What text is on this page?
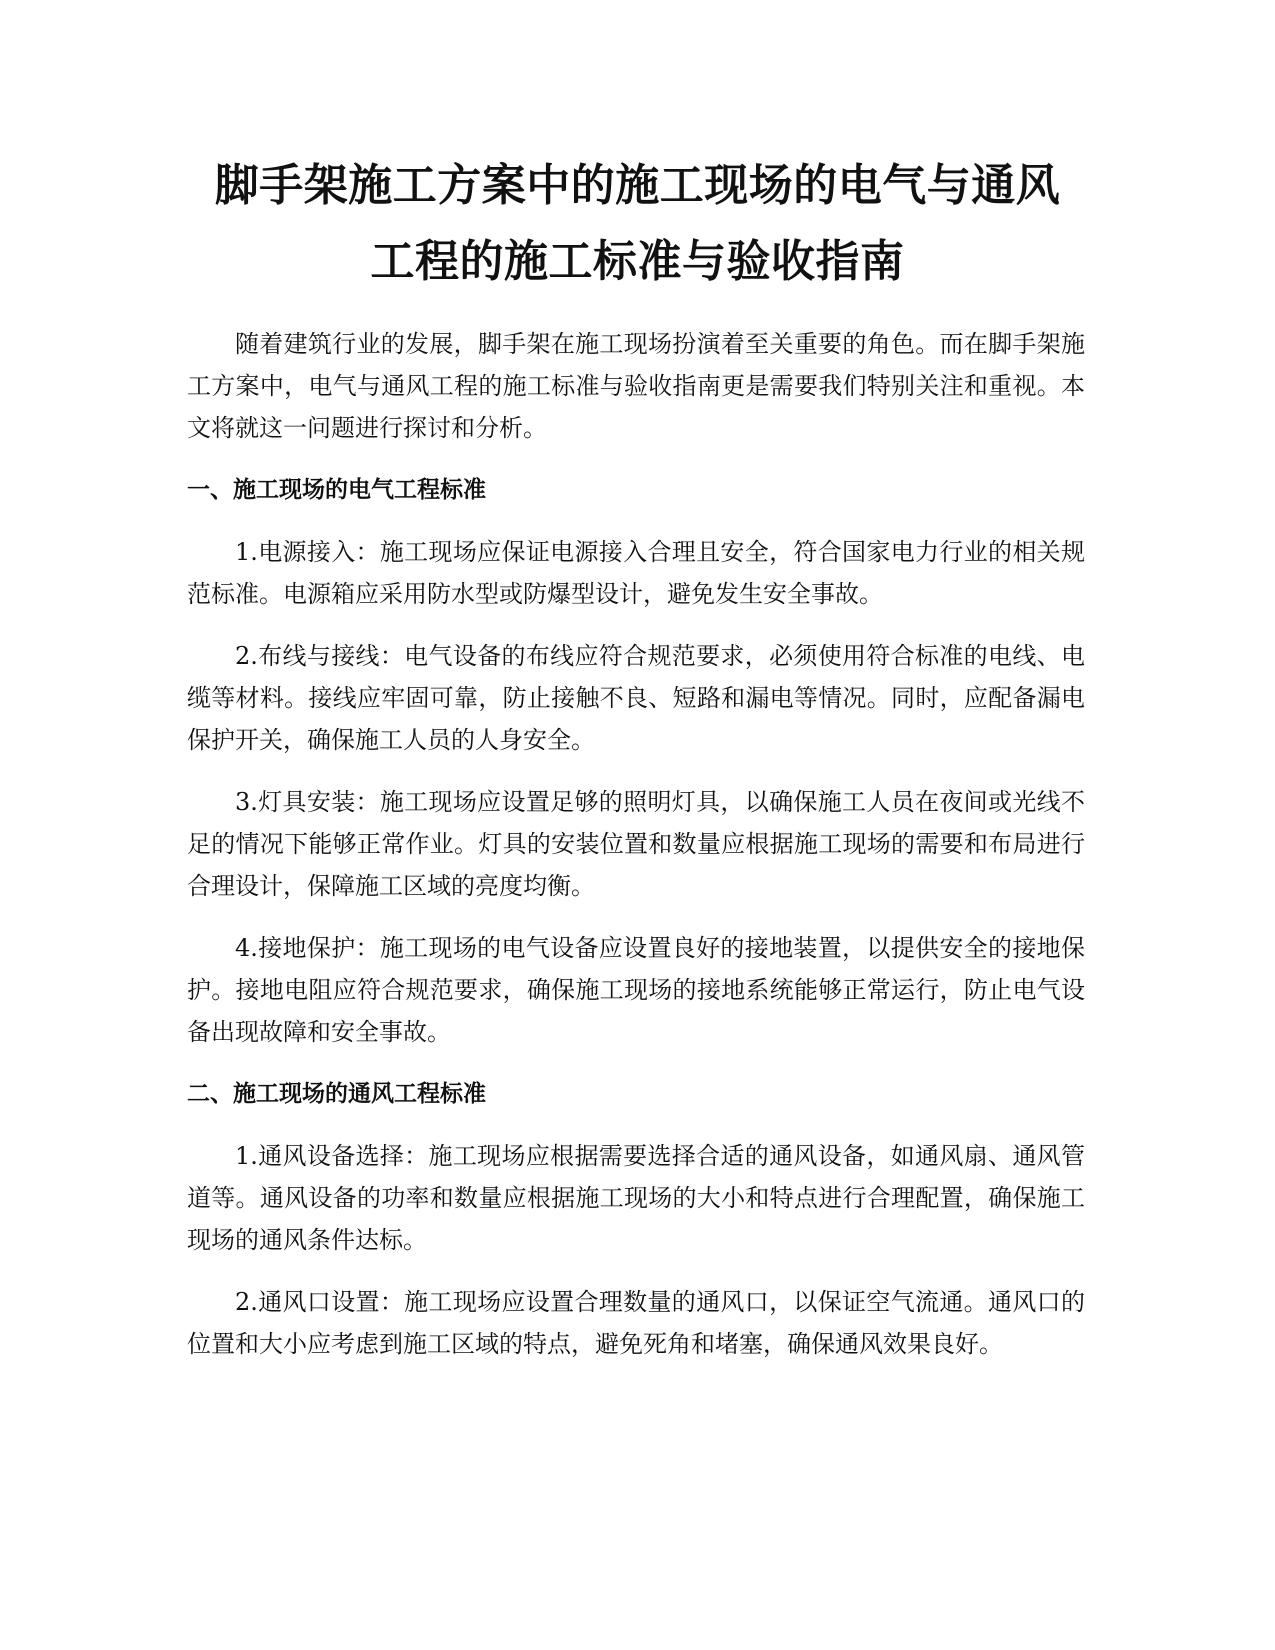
脚手架施工方案中的施工现场的电气与通风
工程的施工标准与验收指南

随着建筑行业的发展，脚手架在施工现场扮演着至关重要的角色。而在脚手架施工方案中，电气与通风工程的施工标准与验收指南更是需要我们特别关注和重视。本文将就这一问题进行探讨和分析。

一、施工现场的电气工程标准

1.电源接入：施工现场应保证电源接入合理且安全，符合国家电力行业的相关规范标准。电源箱应采用防水型或防爆型设计，避免发生安全事故。

2.布线与接线：电气设备的布线应符合规范要求，必须使用符合标准的电线、电缆等材料。接线应牢固可靠，防止接触不良、短路和漏电等情况。同时，应配备漏电保护开关，确保施工人员的人身安全。

3.灯具安装：施工现场应设置足够的照明灯具，以确保施工人员在夜间或光线不足的情况下能够正常作业。灯具的安装位置和数量应根据施工现场的需要和布局进行合理设计，保障施工区域的亮度均衡。

4.接地保护：施工现场的电气设备应设置良好的接地装置，以提供安全的接地保护。接地电阻应符合规范要求，确保施工现场的接地系统能够正常运行，防止电气设备出现故障和安全事故。

二、施工现场的通风工程标准

1.通风设备选择：施工现场应根据需要选择合适的通风设备，如通风扇、通风管道等。通风设备的功率和数量应根据施工现场的大小和特点进行合理配置，确保施工现场的通风条件达标。

2.通风口设置：施工现场应设置合理数量的通风口，以保证空气流通。通风口的位置和大小应考虑到施工区域的特点，避免死角和堵塞，确保通风效果良好。
